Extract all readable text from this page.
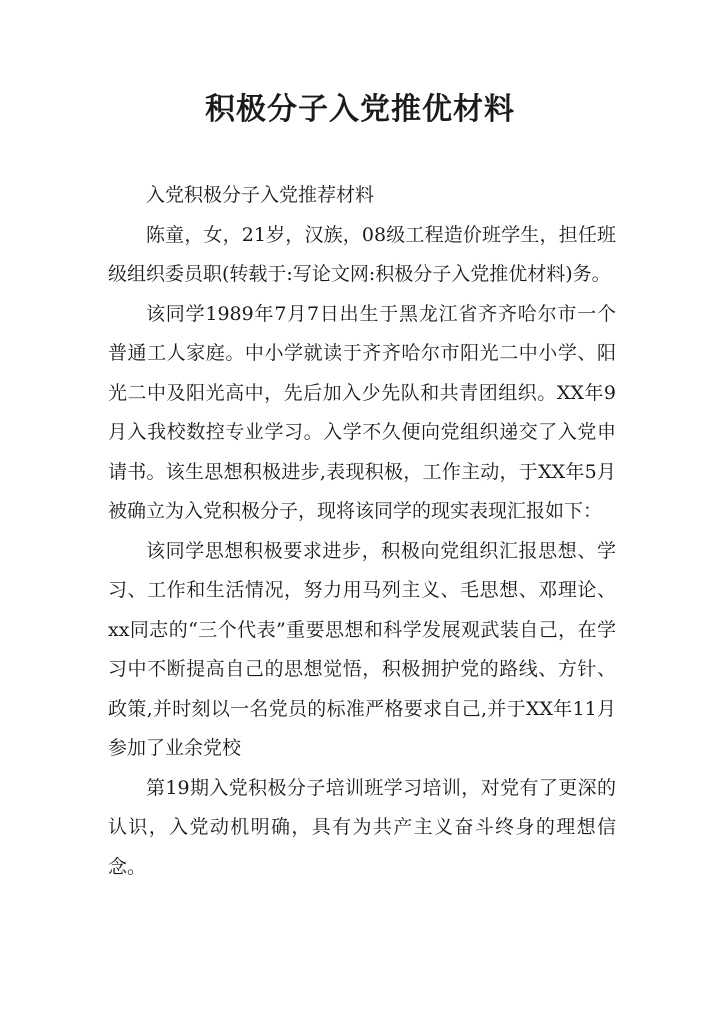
积极分子入党推优材料

入党积极分子入党推荐材料

陈童，女，21岁，汉族，08级工程造价班学生，担任班级组织委员职(转载于:写论文网:积极分子入党推优材料)务。

该同学1989年7月7日出生于黑龙江省齐齐哈尔市一个普通工人家庭。中小学就读于齐齐哈尔市阳光二中小学、阳光二中及阳光高中，先后加入少先队和共青团组织。XX年9月入我校数控专业学习。入学不久便向党组织递交了入党申请书。该生思想积极进步,表现积极，工作主动，于XX年5月被确立为入党积极分子，现将该同学的现实表现汇报如下：

该同学思想积极要求进步，积极向党组织汇报思想、学习、工作和生活情况，努力用马列主义、毛思想、邓理论、xx同志的“三个代表”重要思想和科学发展观武装自己，在学习中不断提高自己的思想觉悟，积极拥护党的路线、方针、政策,并时刻以一名党员的标准严格要求自己,并于XX年11月参加了业余党校

第19期入党积极分子培训班学习培训，对党有了更深的认识，入党动机明确，具有为共产主义奋斗终身的理想信念。
